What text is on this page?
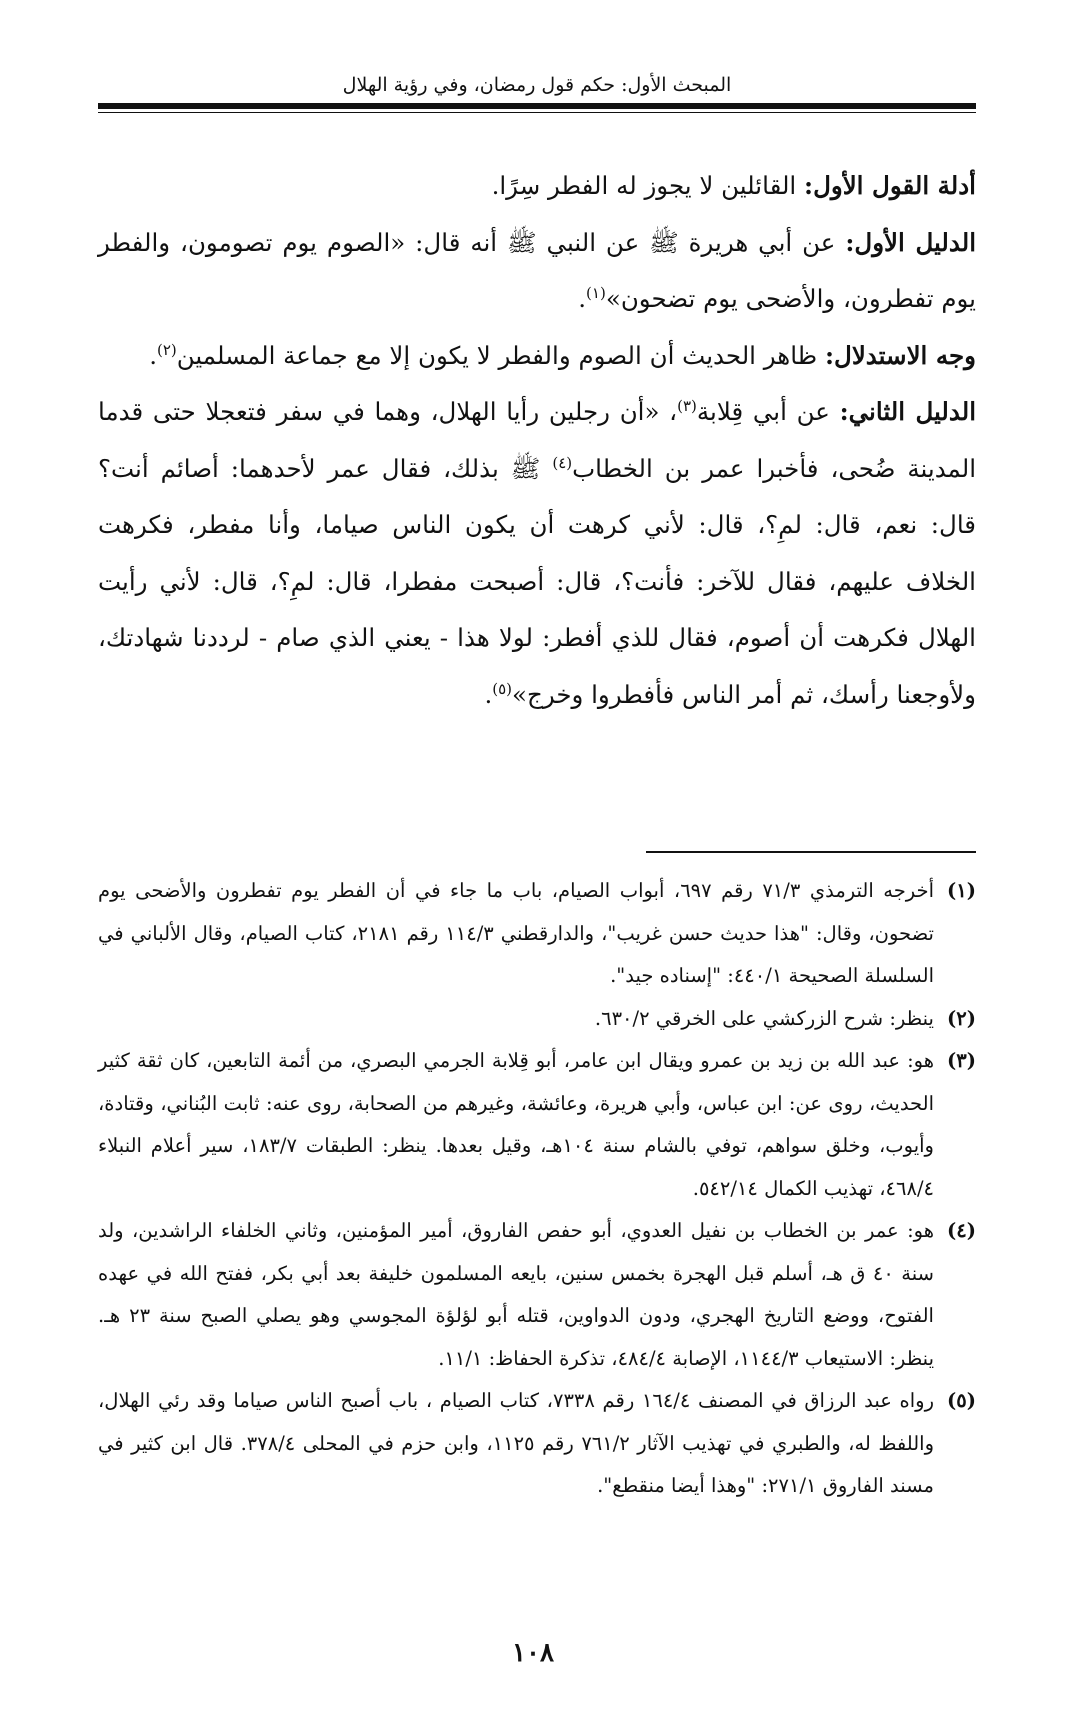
المبحث الأول: حكم قول رمضان، وفي رؤية الهلال

أدلة القول الأول: القائلين لا يجوز له الفطر سِرًا.

الدليل الأول: عن أبي هريرة ﷺ عن النبي ﷺ أنه قال: «الصوم يوم تصومون، والفطر يوم تفطرون، والأضحى يوم تضحون»$^{(١)}$.

وجه الاستدلال: ظاهر الحديث أن الصوم والفطر لا يكون إلا مع جماعة المسلمين$^{(٢)}$.

الدليل الثاني: عن أبي قِلابة$^{(٣)}$، «أن رجلين رأيا الهلال، وهما في سفر فتعجلا حتى قدما المدينة ضُحى، فأخبرا عمر بن الخطاب$^{(٤)}$ ﷺ بذلك، فقال عمر لأحدهما: أصائم أنت؟ قال: نعم، قال: لمِ؟، قال: لأني كرهت أن يكون الناس صياما، وأنا مفطر، فكرهت الخلاف عليهم، فقال للآخر: فأنت؟، قال: أصبحت مفطرا، قال: لمِ؟، قال: لأني رأيت الهلال فكرهت أن أصوم، فقال للذي أفطر: لولا هذا - يعني الذي صام - لرددنا شهادتك، ولأوجعنا رأسك، ثم أمر الناس فأفطروا وخرج»$^{(٥)}$.

(١)
أخرجه الترمذي ٧١/٣ رقم ٦٩٧، أبواب الصيام، باب ما جاء في أن الفطر يوم تفطرون والأضحى يوم تضحون، وقال: "هذا حديث حسن غريب"، والدارقطني ١١٤/٣ رقم ٢١٨١، كتاب الصيام، وقال الألباني في السلسلة الصحيحة ٤٤٠/١: "إسناده جيد".
(٢)
ينظر: شرح الزركشي على الخرقي ٦٣٠/٢.
(٣)
هو: عبد الله بن زيد بن عمرو ويقال ابن عامر، أبو قِلابة الجرمي البصري، من أئمة التابعين، كان ثقة كثير الحديث، روى عن: ابن عباس، وأبي هريرة، وعائشة، وغيرهم من الصحابة، روى عنه: ثابت البُناني، وقتادة، وأيوب، وخلق سواهم، توفي بالشام سنة ١٠٤هـ، وقيل بعدها. ينظر: الطبقات ١٨٣/٧، سير أعلام النبلاء ٤٦٨/٤، تهذيب الكمال ٥٤٢/١٤.
(٤)
هو: عمر بن الخطاب بن نفيل العدوي، أبو حفص الفاروق، أمير المؤمنين، وثاني الخلفاء الراشدين، ولد سنة ٤٠ ق هـ، أسلم قبل الهجرة بخمس سنين، بايعه المسلمون خليفة بعد أبي بكر، ففتح الله في عهده الفتوح، ووضع التاريخ الهجري، ودون الدواوين، قتله أبو لؤلؤة المجوسي وهو يصلي الصبح سنة ٢٣ هـ. ينظر: الاستيعاب ١١٤٤/٣، الإصابة ٤٨٤/٤، تذكرة الحفاظ: ١١/١.
(٥)
رواه عبد الرزاق في المصنف ١٦٤/٤ رقم ٧٣٣٨، كتاب الصيام ، باب أصبح الناس صياما وقد رئي الهلال، واللفظ له، والطبري في تهذيب الآثار ٧٦١/٢ رقم ١١٢٥، وابن حزم في المحلى ٣٧٨/٤. قال ابن كثير في مسند الفاروق ٢٧١/١: "وهذا أيضا منقطع".
١٠٨
